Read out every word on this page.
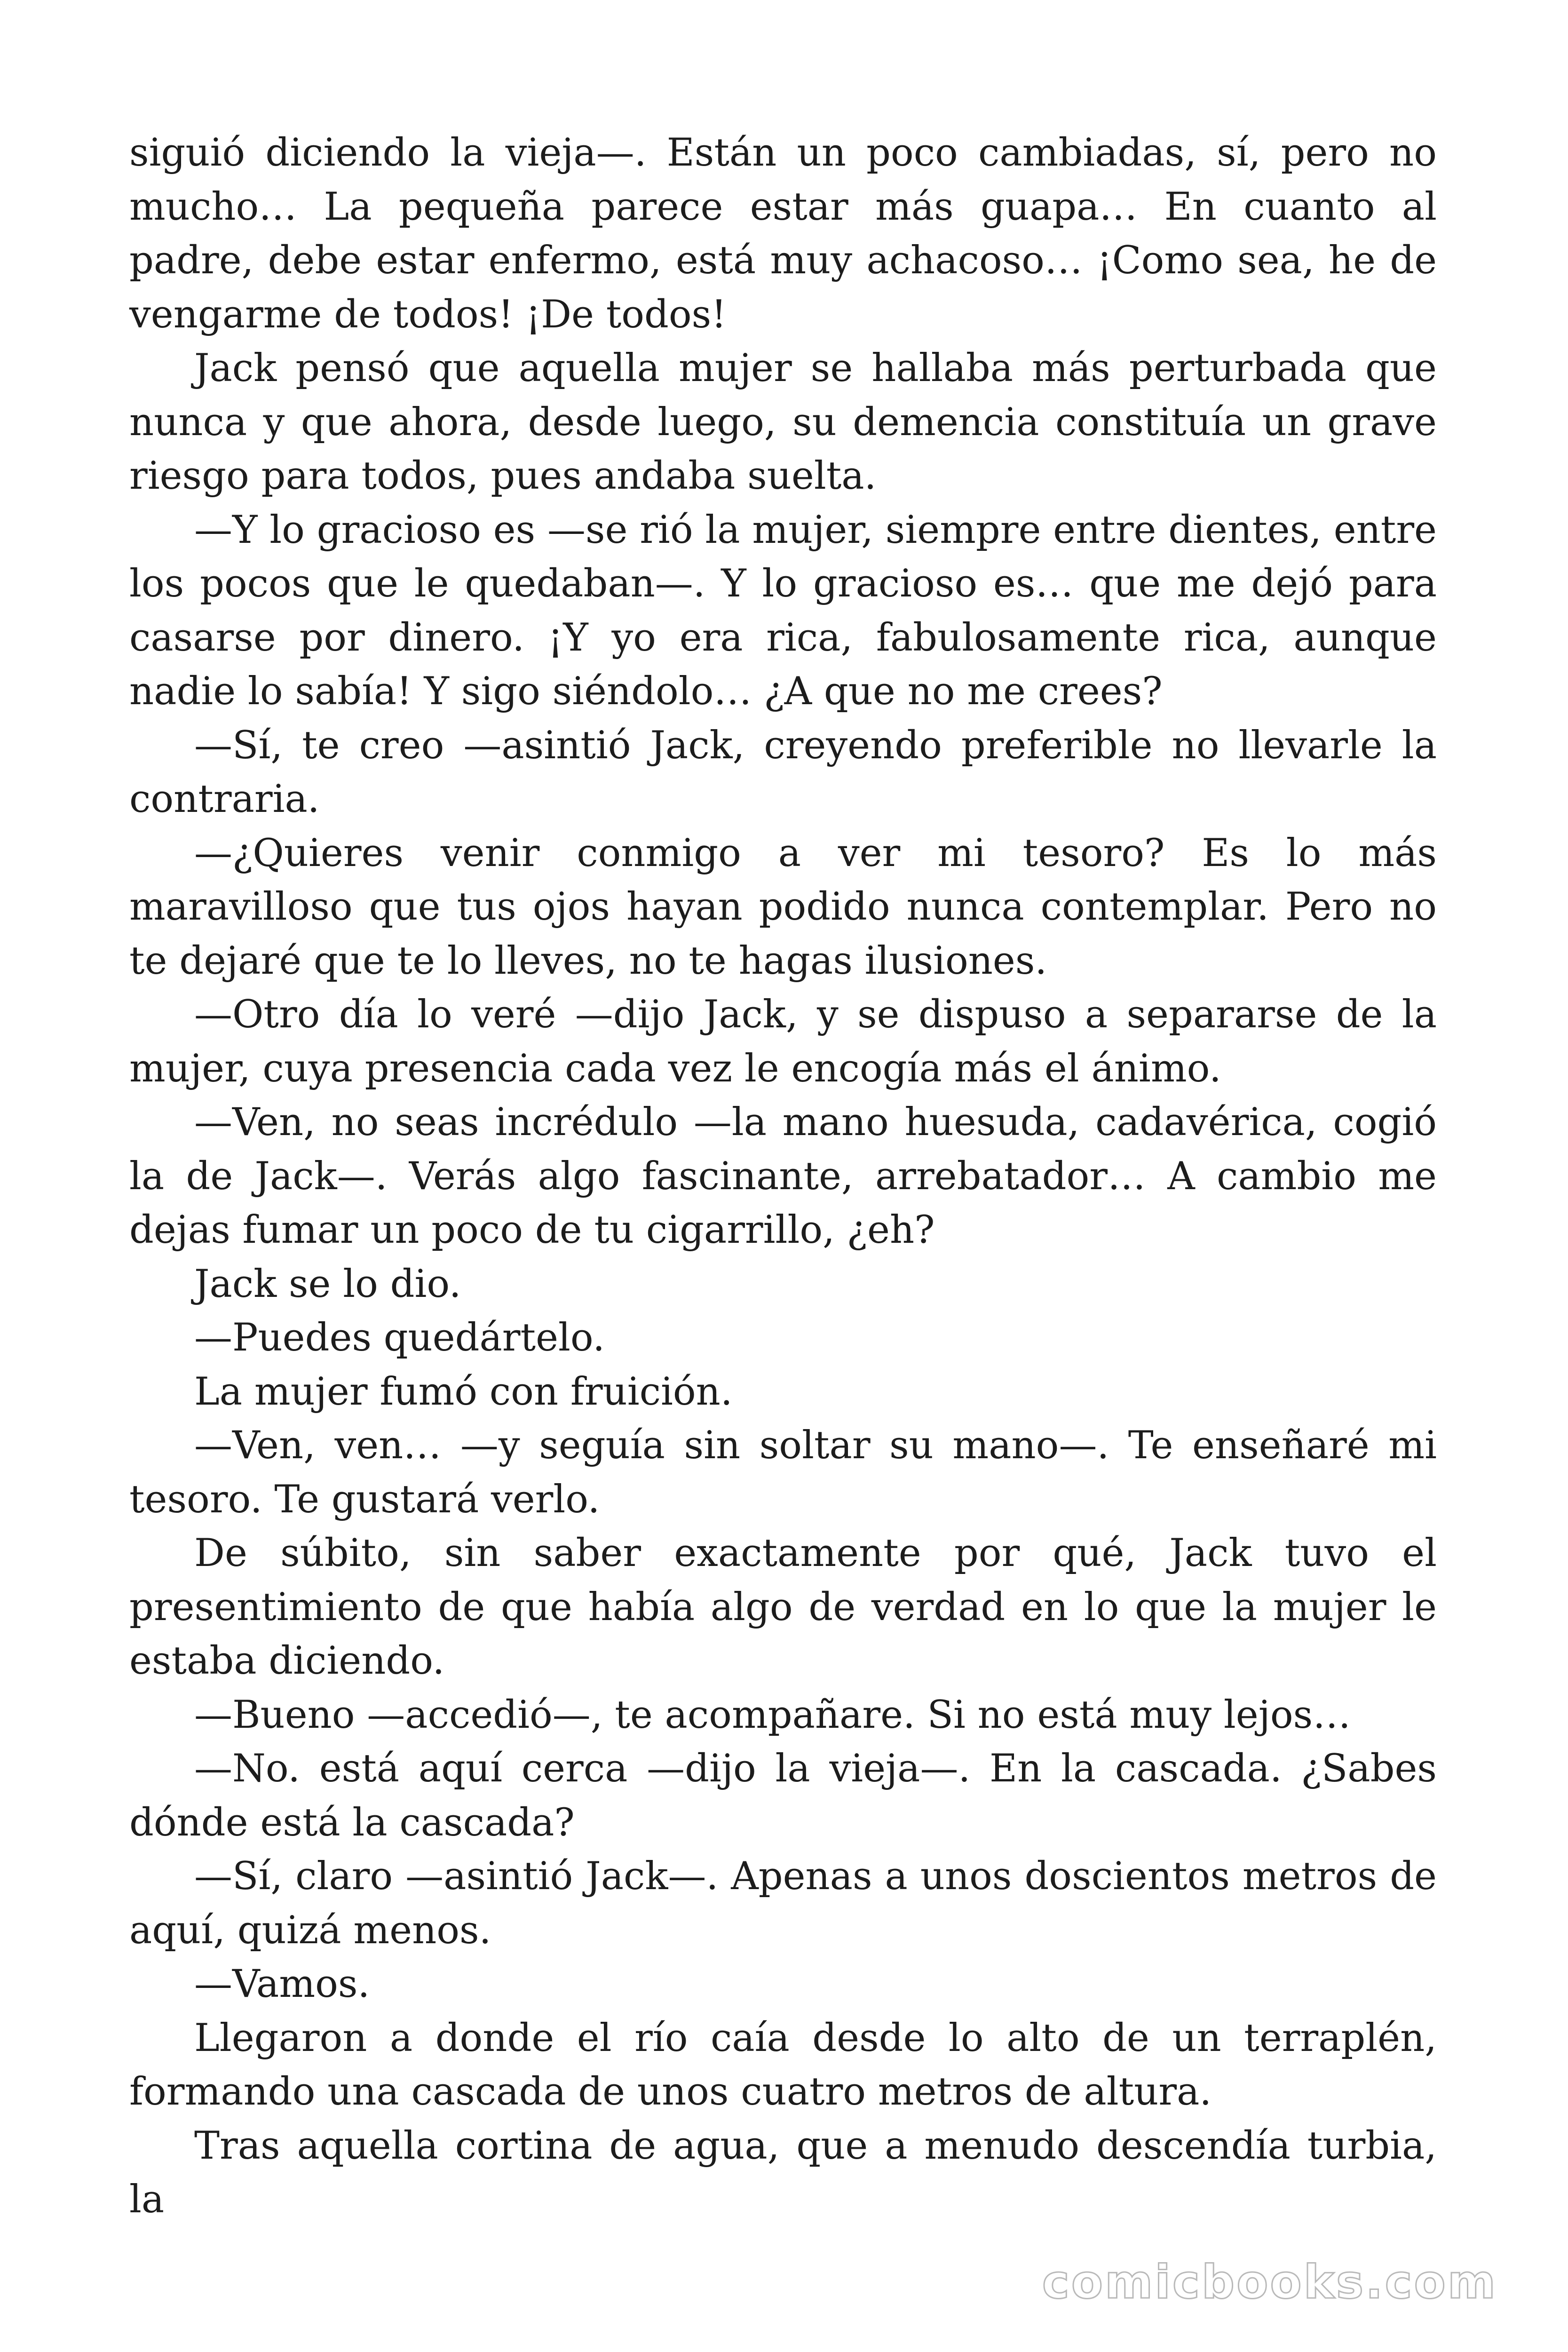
siguió diciendo la vieja—. Están un poco cambiadas, sí, pero no mucho… La pequeña parece estar más guapa… En cuanto al padre, debe estar enfermo, está muy achacoso… ¡Como sea, he de vengarme de todos! ¡De todos!

Jack pensó que aquella mujer se hallaba más perturbada que nunca y que ahora, desde luego, su demencia constituía un grave riesgo para todos, pues andaba suelta.

—Y lo gracioso es —se rió la mujer, siempre entre dientes, entre los pocos que le quedaban—. Y lo gracioso es… que me dejó para casarse por dinero. ¡Y yo era rica, fabulosamente rica, aunque nadie lo sabía! Y sigo siéndolo… ¿A que no me crees?

—Sí, te creo —asintió Jack, creyendo preferible no llevarle la contraria.

—¿Quieres venir conmigo a ver mi tesoro? Es lo más maravilloso que tus ojos hayan podido nunca contemplar. Pero no te dejaré que te lo lleves, no te hagas ilusiones.

—Otro día lo veré —dijo Jack, y se dispuso a separarse de la mujer, cuya presencia cada vez le encogía más el ánimo.

—Ven, no seas incrédulo —la mano huesuda, cadavérica, cogió la de Jack—. Verás algo fascinante, arrebatador… A cambio me dejas fumar un poco de tu cigarrillo, ¿eh?

Jack se lo dio.

—Puedes quedártelo.

La mujer fumó con fruición.

—Ven, ven… —y seguía sin soltar su mano—. Te enseñaré mi tesoro. Te gustará verlo.

De súbito, sin saber exactamente por qué, Jack tuvo el presentimiento de que había algo de verdad en lo que la mujer le estaba diciendo.

—Bueno —accedió—, te acompañare. Si no está muy lejos…

—No. está aquí cerca —dijo la vieja—. En la cascada. ¿Sabes dónde está la cascada?

—Sí, claro —asintió Jack—. Apenas a unos doscientos metros de aquí, quizá menos.

—Vamos.

Llegaron a donde el río caía desde lo alto de un terraplén, formando una cascada de unos cuatro metros de altura.

Tras aquella cortina de agua, que a menudo descendía turbia, la

comicbooks.com
